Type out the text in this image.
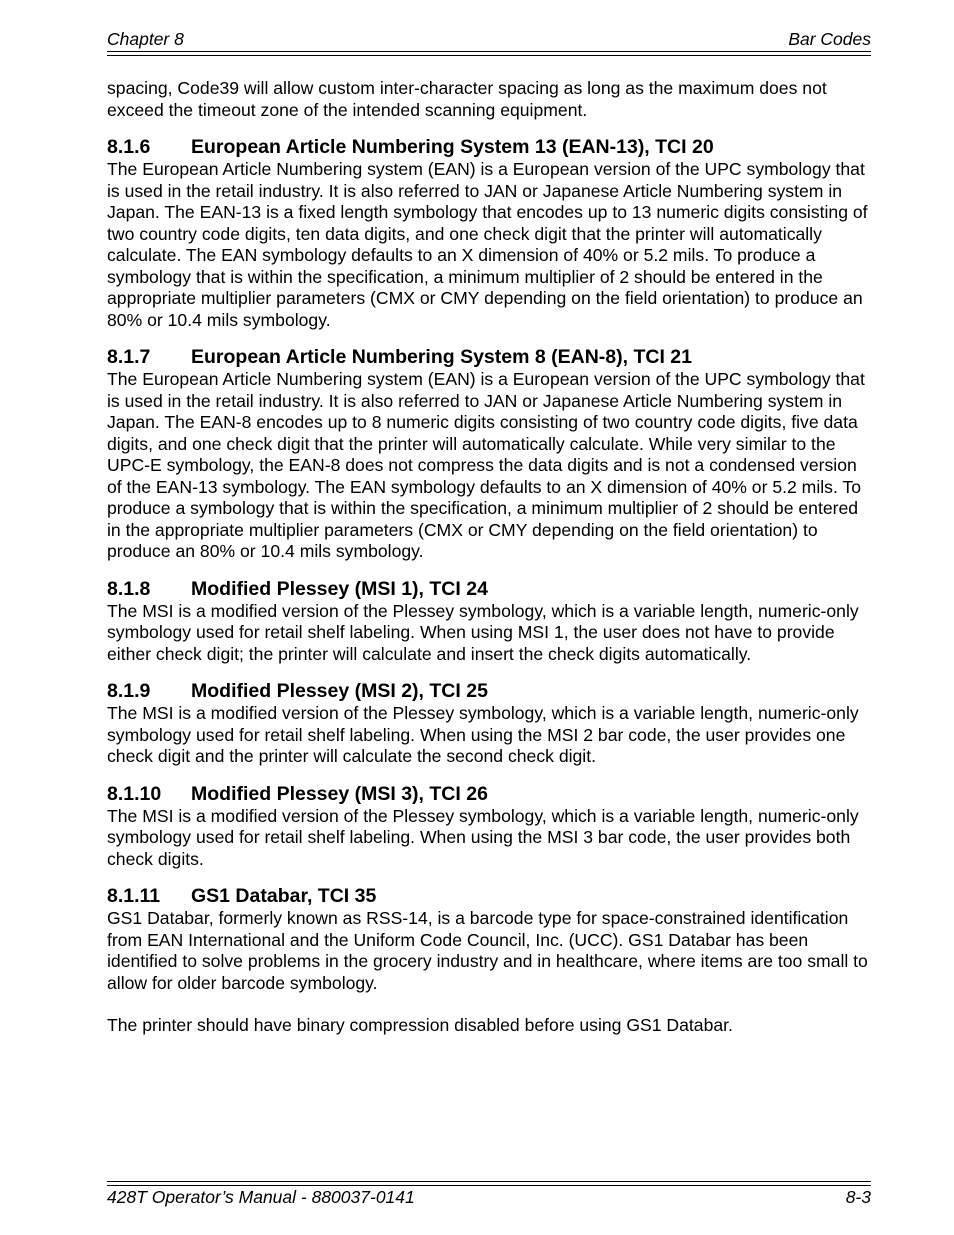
Chapter 8	Bar Codes

spacing, Code39 will allow custom inter-character spacing as long as the maximum does not exceed the timeout zone of the intended scanning equipment.

8.1.6	European Article Numbering System 13 (EAN-13), TCI 20

The European Article Numbering system (EAN) is a European version of the UPC symbology that is used in the retail industry. It is also referred to JAN or Japanese Article Numbering system in Japan. The EAN-13 is a fixed length symbology that encodes up to 13 numeric digits consisting of two country code digits, ten data digits, and one check digit that the printer will automatically calculate. The EAN symbology defaults to an X dimension of 40% or 5.2 mils. To produce a symbology that is within the specification, a minimum multiplier of 2 should be entered in the appropriate multiplier parameters (CMX or CMY depending on the field orientation) to produce an 80% or 10.4 mils symbology.

8.1.7	European Article Numbering System 8 (EAN-8), TCI 21

The European Article Numbering system (EAN) is a European version of the UPC symbology that is used in the retail industry. It is also referred to JAN or Japanese Article Numbering system in Japan. The EAN-8 encodes up to 8 numeric digits consisting of two country code digits, five data digits, and one check digit that the printer will automatically calculate. While very similar to the UPC-E symbology, the EAN-8 does not compress the data digits and is not a condensed version of the EAN-13 symbology. The EAN symbology defaults to an X dimension of 40% or 5.2 mils. To produce a symbology that is within the specification, a minimum multiplier of 2 should be entered in the appropriate multiplier parameters (CMX or CMY depending on the field orientation) to produce an 80% or 10.4 mils symbology.

8.1.8	Modified Plessey (MSI 1), TCI 24

The MSI is a modified version of the Plessey symbology, which is a variable length, numeric-only symbology used for retail shelf labeling. When using MSI 1, the user does not have to provide either check digit; the printer will calculate and insert the check digits automatically.

8.1.9	Modified Plessey (MSI 2), TCI 25

The MSI is a modified version of the Plessey symbology, which is a variable length, numeric-only symbology used for retail shelf labeling. When using the MSI 2 bar code, the user provides one check digit and the printer will calculate the second check digit.

8.1.10	Modified Plessey (MSI 3), TCI 26

The MSI is a modified version of the Plessey symbology, which is a variable length, numeric-only symbology used for retail shelf labeling. When using the MSI 3 bar code, the user provides both check digits.

8.1.11	GS1 Databar, TCI 35

GS1 Databar, formerly known as RSS-14, is a barcode type for space-constrained identification from EAN International and the Uniform Code Council, Inc. (UCC). GS1 Databar has been identified to solve problems in the grocery industry and in healthcare, where items are too small to allow for older barcode symbology.

The printer should have binary compression disabled before using GS1 Databar.

428T Operator’s Manual - 880037-0141	8-3
